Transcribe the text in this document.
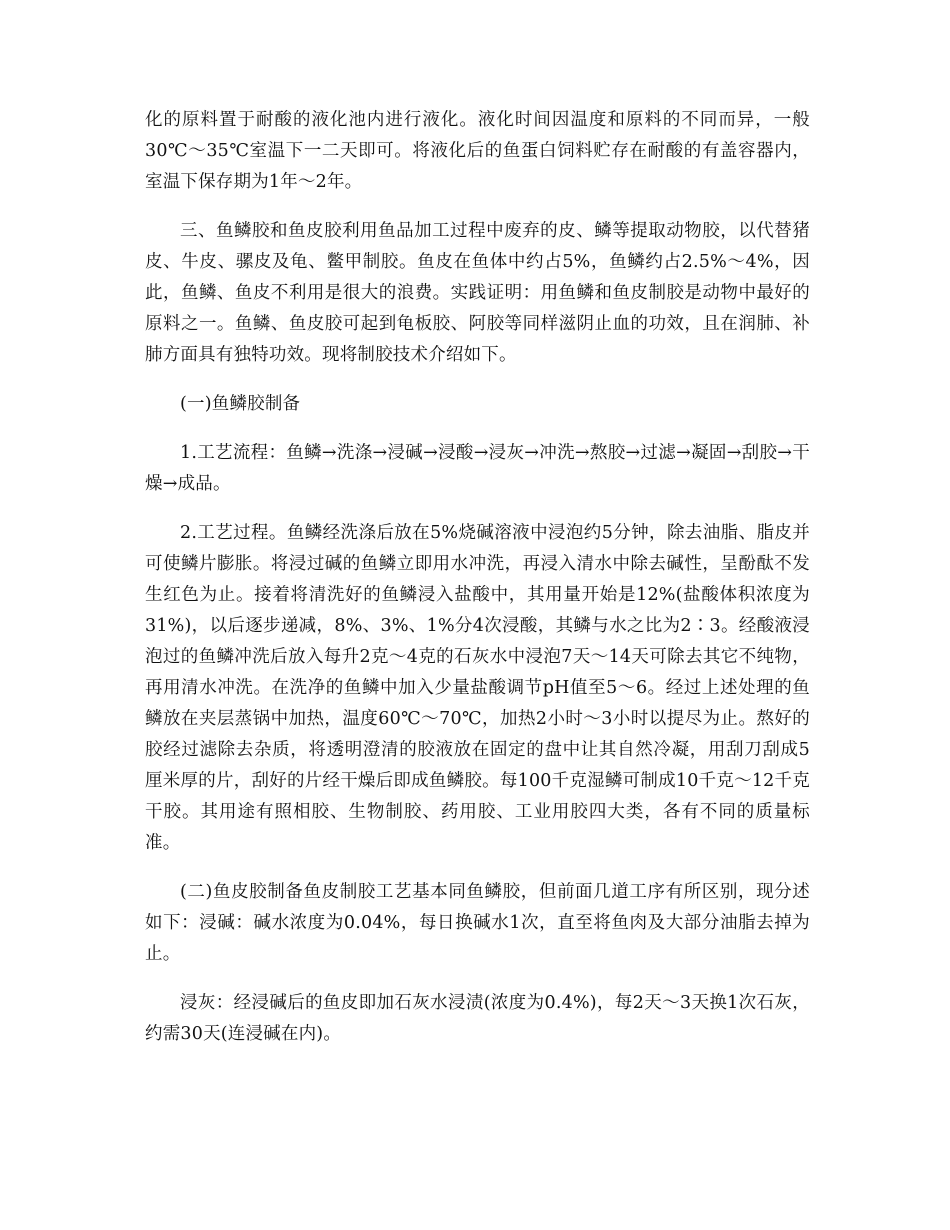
化的原料置于耐酸的液化池内进行液化。液化时间因温度和原料的不同而异，一般30℃～35℃室温下一二天即可。将液化后的鱼蛋白饲料贮存在耐酸的有盖容器内，室温下保存期为1年～2年。

三、鱼鳞胶和鱼皮胶利用鱼品加工过程中废弃的皮、鳞等提取动物胶，以代替猪皮、牛皮、骡皮及龟、鳖甲制胶。鱼皮在鱼体中约占5%，鱼鳞约占2.5%～4%，因此，鱼鳞、鱼皮不利用是很大的浪费。实践证明：用鱼鳞和鱼皮制胶是动物中最好的原料之一。鱼鳞、鱼皮胶可起到龟板胶、阿胶等同样滋阴止血的功效，且在润肺、补肺方面具有独特功效。现将制胶技术介绍如下。

(一)鱼鳞胶制备

1.工艺流程：鱼鳞→洗涤→浸碱→浸酸→浸灰→冲洗→熬胶→过滤→凝固→刮胶→干燥→成品。

2.工艺过程。鱼鳞经洗涤后放在5%烧碱溶液中浸泡约5分钟，除去油脂、脂皮并可使鳞片膨胀。将浸过碱的鱼鳞立即用水冲洗，再浸入清水中除去碱性，呈酚酞不发生红色为止。接着将清洗好的鱼鳞浸入盐酸中，其用量开始是12%(盐酸体积浓度为31%)，以后逐步递减，8%、3%、1%分4次浸酸，其鳞与水之比为2∶3。经酸液浸泡过的鱼鳞冲洗后放入每升2克～4克的石灰水中浸泡7天～14天可除去其它不纯物，再用清水冲洗。在洗净的鱼鳞中加入少量盐酸调节pH值至5～6。经过上述处理的鱼鳞放在夹层蒸锅中加热，温度60℃～70℃，加热2小时～3小时以提尽为止。熬好的胶经过滤除去杂质，将透明澄清的胶液放在固定的盘中让其自然冷凝，用刮刀刮成5厘米厚的片，刮好的片经干燥后即成鱼鳞胶。每100千克湿鳞可制成10千克～12千克干胶。其用途有照相胶、生物制胶、药用胶、工业用胶四大类，各有不同的质量标准。

(二)鱼皮胶制备鱼皮制胶工艺基本同鱼鳞胶，但前面几道工序有所区别，现分述如下：浸碱：碱水浓度为0.04%，每日换碱水1次，直至将鱼肉及大部分油脂去掉为止。

浸灰：经浸碱后的鱼皮即加石灰水浸渍(浓度为0.4%)，每2天～3天换1次石灰，约需30天(连浸碱在内)。
